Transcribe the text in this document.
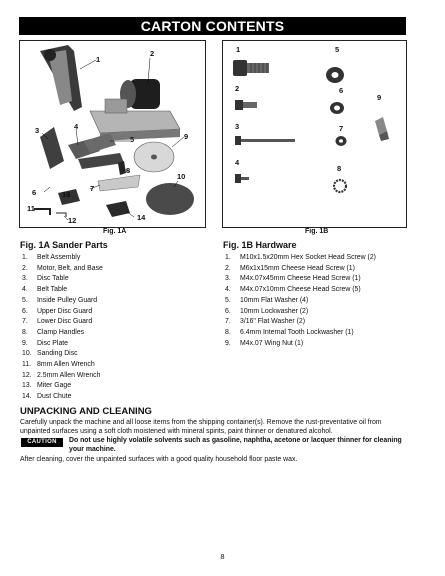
CARTON CONTENTS
1
2
3	4
5
6	7
8
9
10
11
12
13
14
Fig. 1A
1
2
3
4
5
6
7
8
9
Fig. 1B
Fig. 1A Sander Parts
1. Belt Assembly
2. Motor, Belt, and Base
3. Disc Table
4. Belt Table
5. Inside Pulley Guard
6. Upper Disc Guard
7. Lower Disc Guard
8. Clamp Handles
9. Disc Plate
10. Sanding Disc
11. 8mm Allen Wrench
12. 2.5mm Allen Wrench
13. Miter Gage
14. Dust Chute
Fig. 1B Hardware
1. M10x1.5x20mm Hex Socket Head Screw (2)
2. M6x1x15mm Cheese Head Screw (1)
3. M4x.07x45mm Cheese Head Screw (1)
4. M4x.07x10mm Cheese Head Screw (5)
5. 10mm Flat Washer (4)
6. 10mm Lockwasher (2)
7. 3/16" Flat Washer (2)
8. 6.4mm Internal Tooth Lockwasher (1)
9. M4x.07 Wing Nut (1)
UNPACKING AND CLEANING
Carefully unpack the machine and all loose items from the shipping container(s). Remove the rust-preventative oil from unpainted surfaces using a soft cloth moistened with mineral spirits, paint thinner or denatured alcohol.
CAUTION	Do not use highly volatile solvents such as gasoline, naphtha, acetone or lacquer thinner for cleaning your machine.
After cleaning, cover the unpainted surfaces with a good quality household floor paste wax.
8
